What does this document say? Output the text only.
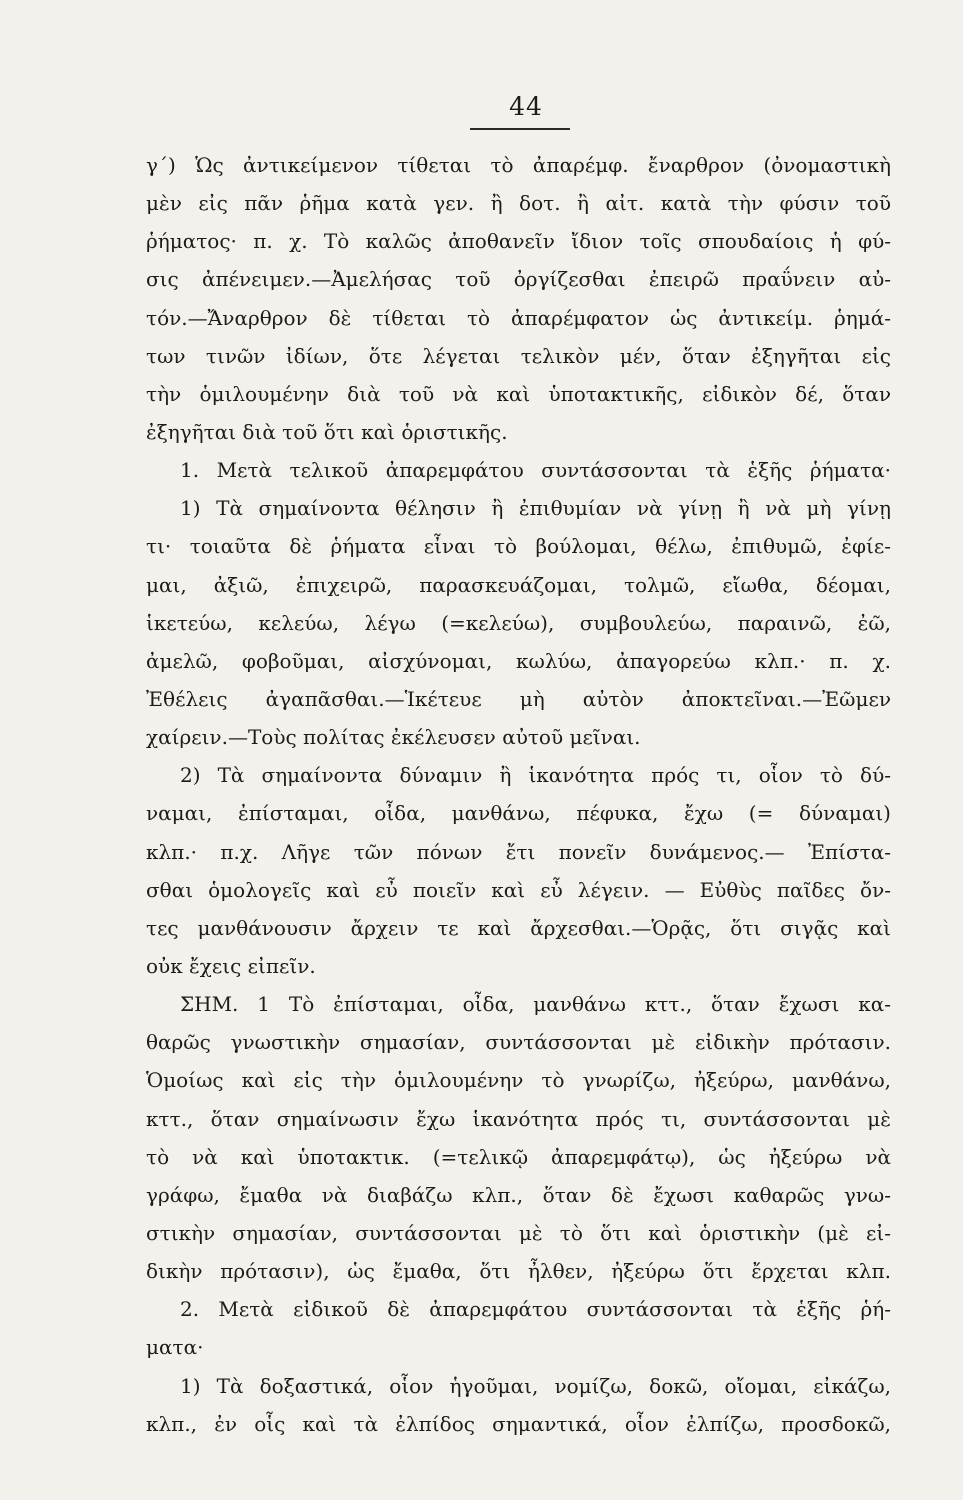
44
γ΄) Ὡς ἀντικείμενον τίθεται τὸ ἀπαρέμφ. ἔναρθρον (ὀνομαστικὴ
μὲν εἰς πᾶν ῥῆμα κατὰ γεν. ἢ δοτ. ἢ αἰτ. κατὰ τὴν φύσιν τοῦ
ῥήματος· π. χ. Τὸ καλῶς ἀποθανεῖν ἴδιον τοῖς σπουδαίοις ἡ φύ-
σις ἀπένειμεν.—Ἀμελήσας τοῦ ὀργίζεσθαι ἐπειρῶ πραΰνειν αὐ-
τόν.—Ἄναρθρον δὲ τίθεται τὸ ἀπαρέμφατον ὡς ἀντικείμ. ῥημά-
των τινῶν ἰδίων, ὅτε λέγεται τελικὸν μέν, ὅταν ἐξηγῆται εἰς
τὴν ὁμιλουμένην διὰ τοῦ νὰ καὶ ὑποτακτικῆς, εἰδικὸν δέ, ὅταν
ἐξηγῆται διὰ τοῦ ὅτι καὶ ὁριστικῆς.
1. Μετὰ τελικοῦ ἀπαρεμφάτου συντάσσονται τὰ ἑξῆς ῥήματα·
1) Τὰ σημαίνοντα θέλησιν ἢ ἐπιθυμίαν νὰ γίνῃ ἢ νὰ μὴ γίνῃ
τι· τοιαῦτα δὲ ῥήματα εἶναι τὸ βούλομαι, θέλω, ἐπιθυμῶ, ἐφίε-
μαι, ἀξιῶ, ἐπιχειρῶ, παρασκευάζομαι, τολμῶ, εἴωθα, δέομαι,
ἱκετεύω, κελεύω, λέγω (=κελεύω), συμβουλεύω, παραινῶ, ἐῶ,
ἀμελῶ, φοβοῦμαι, αἰσχύνομαι, κωλύω, ἀπαγορεύω κλπ.· π. χ.
Ἐθέλεις ἀγαπᾶσθαι.—Ἱκέτευε μὴ αὐτὸν ἀποκτεῖναι.—Ἐῶμεν
χαίρειν.—Τοὺς πολίτας ἐκέλευσεν αὐτοῦ μεῖναι.
2) Τὰ σημαίνοντα δύναμιν ἢ ἱκανότητα πρός τι, οἷον τὸ δύ-
ναμαι, ἐπίσταμαι, οἶδα, μανθάνω, πέφυκα, ἔχω (= δύναμαι)
κλπ.· π.χ. Λῆγε τῶν πόνων ἔτι πονεῖν δυνάμενος.— Ἐπίστα-
σθαι ὁμολογεῖς καὶ εὖ ποιεῖν καὶ εὖ λέγειν. — Εὐθὺς παῖδες ὄν-
τες μανθάνουσιν ἄρχειν τε καὶ ἄρχεσθαι.—Ὁρᾷς, ὅτι σιγᾷς καὶ
οὐκ ἔχεις εἰπεῖν.
ΣΗΜ. 1 Τὸ ἐπίσταμαι, οἶδα, μανθάνω κττ., ὅταν ἔχωσι κα-
θαρῶς γνωστικὴν σημασίαν, συντάσσονται μὲ εἰδικὴν πρότασιν.
Ὁμοίως καὶ εἰς τὴν ὁμιλουμένην τὸ γνωρίζω, ἠξεύρω, μανθάνω,
κττ., ὅταν σημαίνωσιν ἔχω ἱκανότητα πρός τι, συντάσσονται μὲ
τὸ νὰ καὶ ὑποτακτικ. (=τελικῷ ἀπαρεμφάτῳ), ὡς ἠξεύρω νὰ
γράφω, ἔμαθα νὰ διαβάζω κλπ., ὅταν δὲ ἔχωσι καθαρῶς γνω-
στικὴν σημασίαν, συντάσσονται μὲ τὸ ὅτι καὶ ὁριστικὴν (μὲ εἰ-
δικὴν πρότασιν), ὡς ἔμαθα, ὅτι ἦλθεν, ἠξεύρω ὅτι ἔρχεται κλπ.
2. Μετὰ εἰδικοῦ δὲ ἀπαρεμφάτου συντάσσονται τὰ ἑξῆς ῥή-
ματα·
1) Τὰ δοξαστικά, οἷον ἡγοῦμαι, νομίζω, δοκῶ, οἴομαι, εἰκάζω,
κλπ., ἐν οἷς καὶ τὰ ἐλπίδος σημαντικά, οἷον ἐλπίζω, προσδοκῶ,
